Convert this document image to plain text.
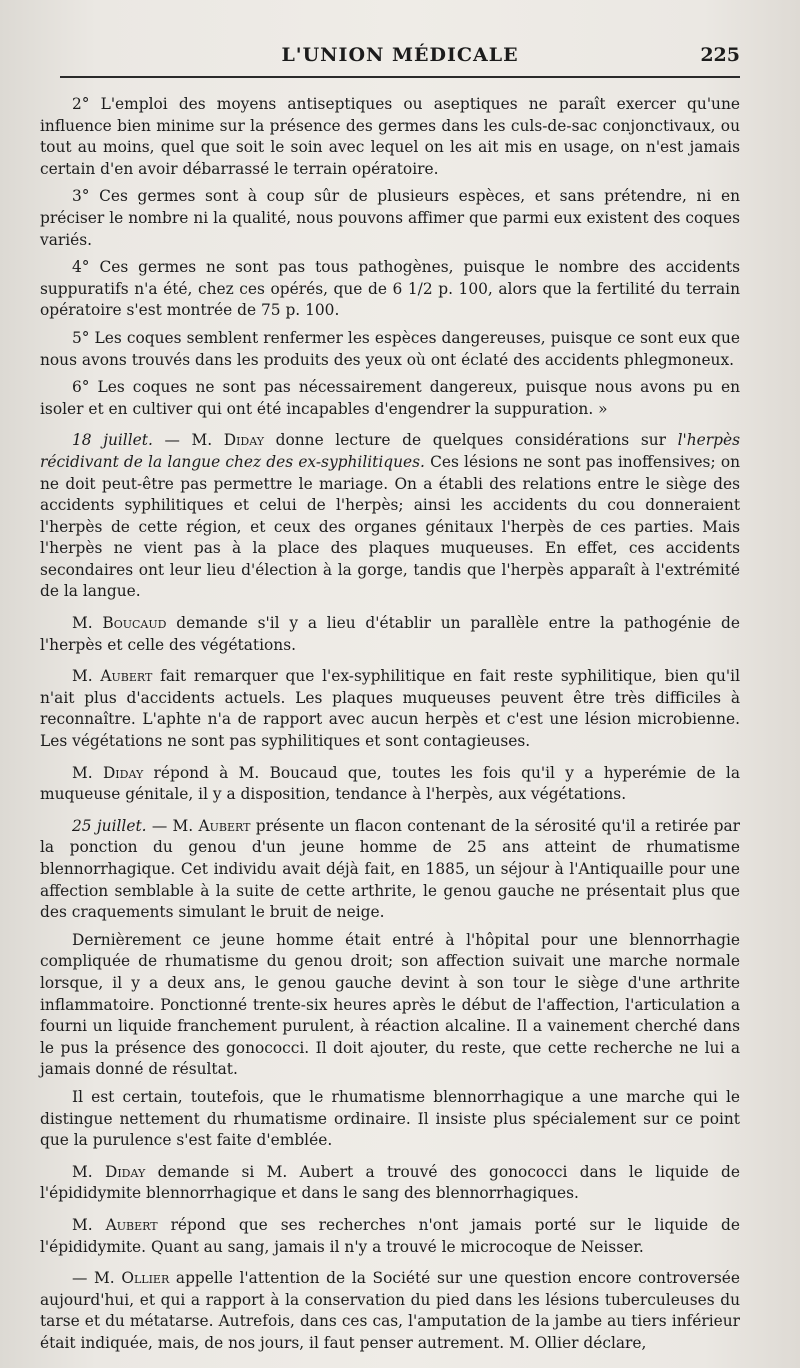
L'UNION MÉDICALE	225

2° L'emploi des moyens antiseptiques ou aseptiques ne paraît exercer qu'une influence bien minime sur la présence des germes dans les culs-de-sac conjonctivaux, ou tout au moins, quel que soit le soin avec lequel on les ait mis en usage, on n'est jamais certain d'en avoir débarrassé le terrain opératoire.

3° Ces germes sont à coup sûr de plusieurs espèces, et sans prétendre, ni en préciser le nombre ni la qualité, nous pouvons affimer que parmi eux existent des coques variés.

4° Ces germes ne sont pas tous pathogènes, puisque le nombre des accidents suppuratifs n'a été, chez ces opérés, que de 6 1/2 p. 100, alors que la fertilité du terrain opératoire s'est montrée de 75 p. 100.

5° Les coques semblent renfermer les espèces dangereuses, puisque ce sont eux que nous avons trouvés dans les produits des yeux où ont éclaté des accidents phlegmoneux.

6° Les coques ne sont pas nécessairement dangereux, puisque nous avons pu en isoler et en cultiver qui ont été incapables d'engendrer la suppuration. »

18 juillet. — M. Diday donne lecture de quelques considérations sur l'herpès récidivant de la langue chez des ex-syphilitiques. Ces lésions ne sont pas inoffensives; on ne doit peut-être pas permettre le mariage. On a établi des relations entre le siège des accidents syphilitiques et celui de l'herpès; ainsi les accidents du cou donneraient l'herpès de cette région, et ceux des organes génitaux l'herpès de ces parties. Mais l'herpès ne vient pas à la place des plaques muqueuses. En effet, ces accidents secondaires ont leur lieu d'élection à la gorge, tandis que l'herpès apparaît à l'extrémité de la langue.

M. Boucaud demande s'il y a lieu d'établir un parallèle entre la pathogénie de l'herpès et celle des végétations.

M. Aubert fait remarquer que l'ex-syphilitique en fait reste syphilitique, bien qu'il n'ait plus d'accidents actuels. Les plaques muqueuses peuvent être très difficiles à reconnaître. L'aphte n'a de rapport avec aucun herpès et c'est une lésion microbienne. Les végétations ne sont pas syphilitiques et sont contagieuses.

M. Diday répond à M. Boucaud que, toutes les fois qu'il y a hyperémie de la muqueuse génitale, il y a disposition, tendance à l'herpès, aux végétations.

25 juillet. — M. Aubert présente un flacon contenant de la sérosité qu'il a retirée par la ponction du genou d'un jeune homme de 25 ans atteint de rhumatisme blennorrhagique. Cet individu avait déjà fait, en 1885, un séjour à l'Antiquaille pour une affection semblable à la suite de cette arthrite, le genou gauche ne présentait plus que des craquements simulant le bruit de neige.

Dernièrement ce jeune homme était entré à l'hôpital pour une blennorrhagie compliquée de rhumatisme du genou droit; son affection suivait une marche normale lorsque, il y a deux ans, le genou gauche devint à son tour le siège d'une arthrite inflammatoire. Ponctionné trente-six heures après le début de l'affection, l'articulation a fourni un liquide franchement purulent, à réaction alcaline. Il a vainement cherché dans le pus la présence des gonococci. Il doit ajouter, du reste, que cette recherche ne lui a jamais donné de résultat.

Il est certain, toutefois, que le rhumatisme blennorrhagique a une marche qui le distingue nettement du rhumatisme ordinaire. Il insiste plus spécialement sur ce point que la purulence s'est faite d'emblée.

M. Diday demande si M. Aubert a trouvé des gonococci dans le liquide de l'épididymite blennorrhagique et dans le sang des blennorrhagiques.

M. Aubert répond que ses recherches n'ont jamais porté sur le liquide de l'épididymite. Quant au sang, jamais il n'y a trouvé le microcoque de Neisser.

— M. Ollier appelle l'attention de la Société sur une question encore controversée aujourd'hui, et qui a rapport à la conservation du pied dans les lésions tuberculeuses du tarse et du métatarse. Autrefois, dans ces cas, l'amputation de la jambe au tiers inférieur était indiquée, mais, de nos jours, il faut penser autrement. M. Ollier déclare,
